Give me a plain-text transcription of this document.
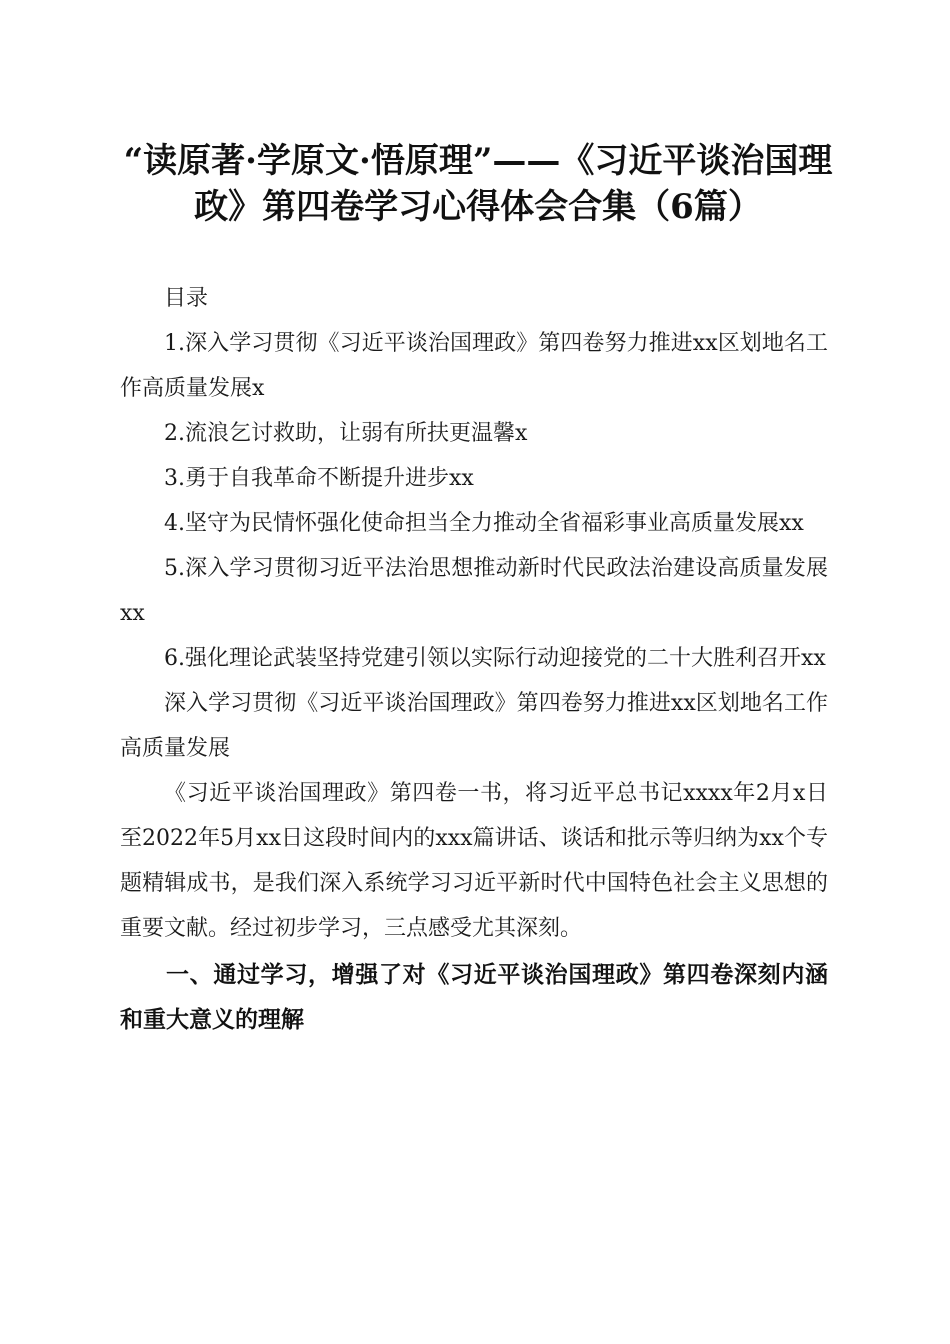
“读原著·学原文·悟原理”——《习近平谈治国理政》第四卷学习心得体会合集（6篇）

目录

1.深入学习贯彻《习近平谈治国理政》第四卷努力推进xx区划地名工作高质量发展x

2.流浪乞讨救助，让弱有所扶更温馨x

3.勇于自我革命不断提升进步xx

4.坚守为民情怀强化使命担当全力推动全省福彩事业高质量发展xx

5.深入学习贯彻习近平法治思想推动新时代民政法治建设高质量发展xx

6.强化理论武装坚持党建引领以实际行动迎接党的二十大胜利召开xx

深入学习贯彻《习近平谈治国理政》第四卷努力推进xx区划地名工作高质量发展

《习近平谈治国理政》第四卷一书，将习近平总书记xxxx年2月x日至2022年5月xx日这段时间内的xxx篇讲话、谈话和批示等归纳为xx个专题精辑成书，是我们深入系统学习习近平新时代中国特色社会主义思想的重要文献。经过初步学习，三点感受尤其深刻。

一、通过学习，增强了对《习近平谈治国理政》第四卷深刻内涵和重大意义的理解
